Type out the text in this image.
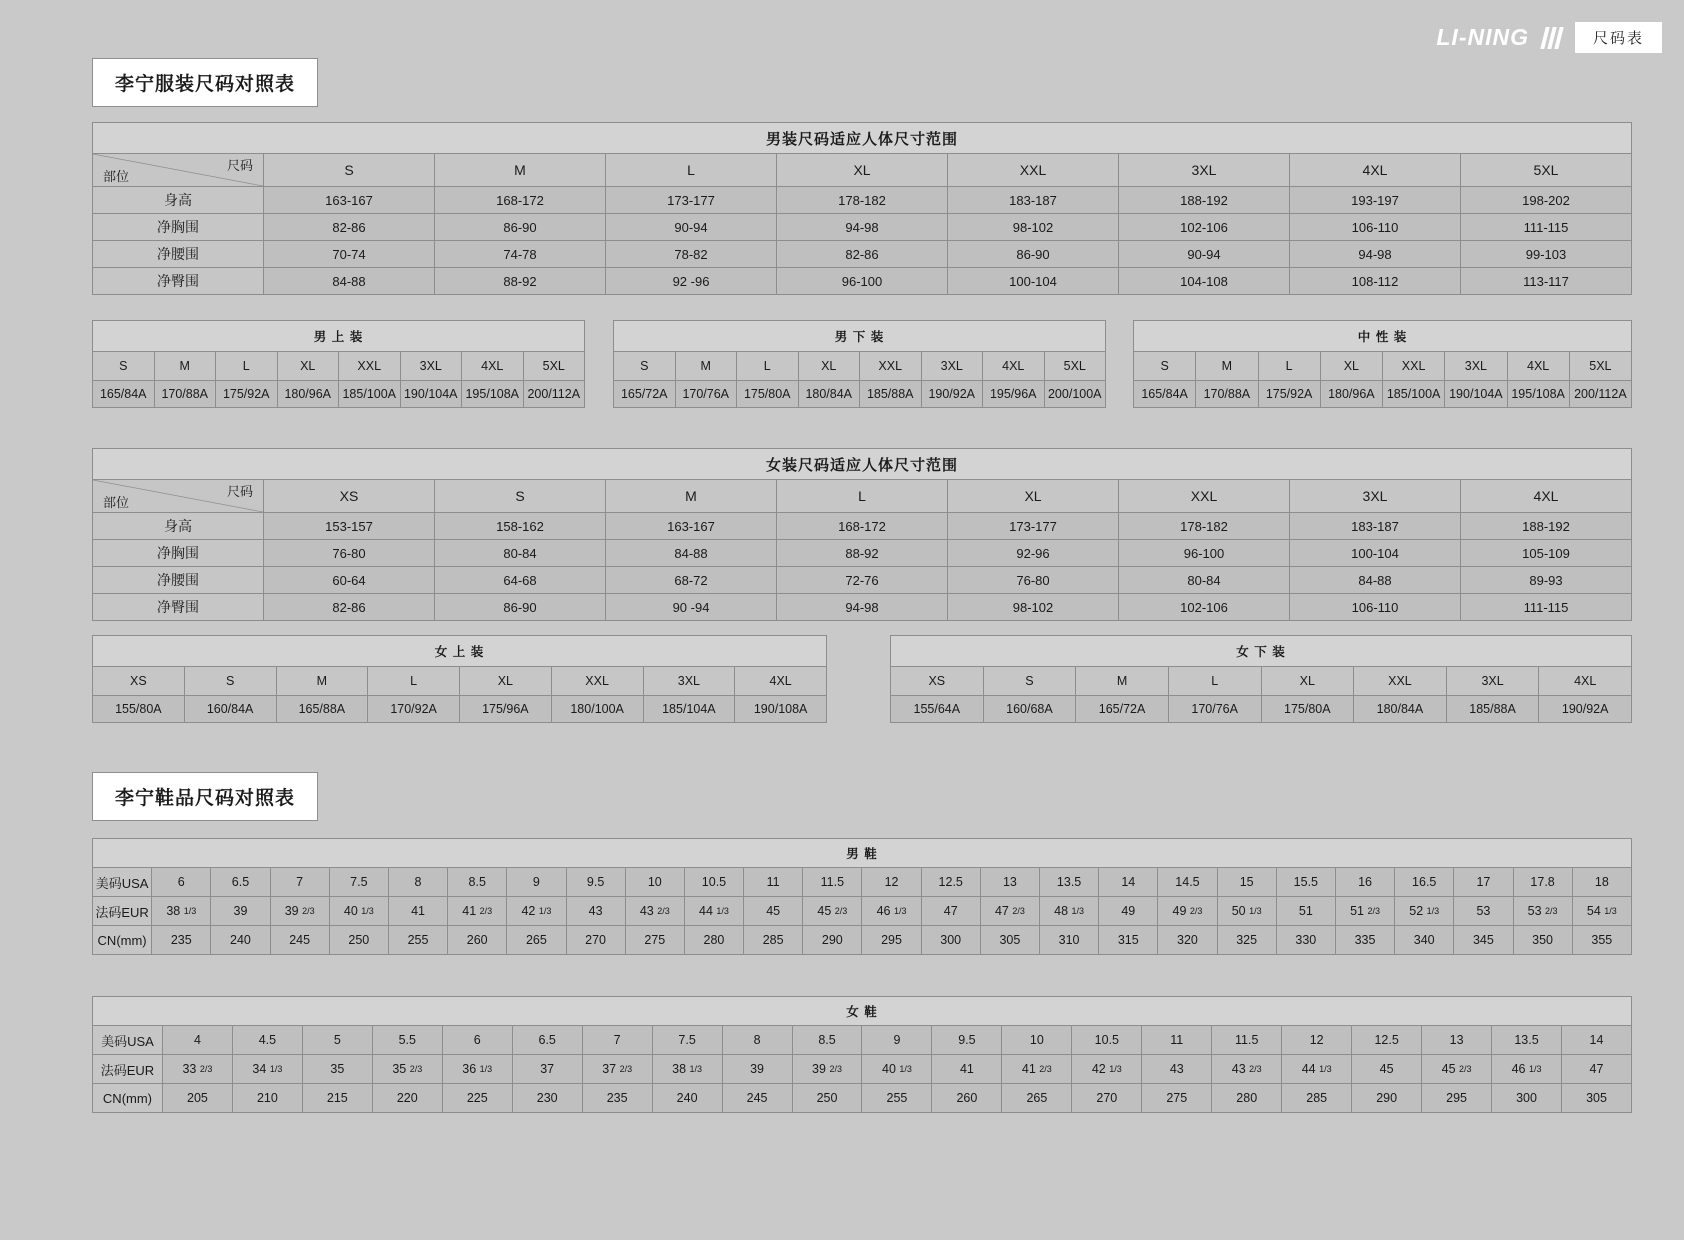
LI-NING	尺码表
李宁服装尺码对照表
男装尺码适应人体尺寸范围								

部位
尺码	S	M	L	XL	XXL	3XL	4XL	5XL
身高	163-167	168-172	173-177	178-182	183-187	188-192	193-197	198-202
净胸围	82-86	86-90	90-94	94-98	98-102	102-106	106-110	111-115
净腰围	70-74	74-78	78-82	82-86	86-90	90-94	94-98	99-103
净臀围	84-88	88-92	92 -96	96-100	100-104	104-108	108-112	113-117
男 上 装							
S	M	L	XL	XXL	3XL	4XL	5XL
165/84A	170/88A	175/92A	180/96A	185/100A	190/104A	195/108A	200/112A
男 下 装							
S	M	L	XL	XXL	3XL	4XL	5XL
165/72A	170/76A	175/80A	180/84A	185/88A	190/92A	195/96A	200/100A
中 性 装							
S	M	L	XL	XXL	3XL	4XL	5XL
165/84A	170/88A	175/92A	180/96A	185/100A	190/104A	195/108A	200/112A
女装尺码适应人体尺寸范围								

部位
尺码	XS	S	M	L	XL	XXL	3XL	4XL
身高	153-157	158-162	163-167	168-172	173-177	178-182	183-187	188-192
净胸围	76-80	80-84	84-88	88-92	92-96	96-100	100-104	105-109
净腰围	60-64	64-68	68-72	72-76	76-80	80-84	84-88	89-93
净臀围	82-86	86-90	90 -94	94-98	98-102	102-106	106-110	111-115
女 上 装							
XS	S	M	L	XL	XXL	3XL	4XL
155/80A	160/84A	165/88A	170/92A	175/96A	180/100A	185/104A	190/108A
女 下 装							
XS	S	M	L	XL	XXL	3XL	4XL
155/64A	160/68A	165/72A	170/76A	175/80A	180/84A	185/88A	190/92A
李宁鞋品尺码对照表
男 鞋																									
美码USA	6	6.5	7	7.5	8	8.5	9	9.5	10	10.5	11	11.5	12	12.5	13	13.5	14	14.5	15	15.5	16	16.5	17	17.8	18
法码EUR	38 1/3	39	39 2/3	40 1/3	41	41 2/3	42 1/3	43	43 2/3	44 1/3	45	45 2/3	46 1/3	47	47 2/3	48 1/3	49	49 2/3	50 1/3	51	51 2/3	52 1/3	53	53 2/3	54 1/3
CN(mm)	235	240	245	250	255	260	265	270	275	280	285	290	295	300	305	310	315	320	325	330	335	340	345	350	355
女 鞋																					
美码USA	4	4.5	5	5.5	6	6.5	7	7.5	8	8.5	9	9.5	10	10.5	11	11.5	12	12.5	13	13.5	14
法码EUR	33 2/3	34 1/3	35	35 2/3	36 1/3	37	37 2/3	38 1/3	39	39 2/3	40 1/3	41	41 2/3	42 1/3	43	43 2/3	44 1/3	45	45 2/3	46 1/3	47
CN(mm)	205	210	215	220	225	230	235	240	245	250	255	260	265	270	275	280	285	290	295	300	305
